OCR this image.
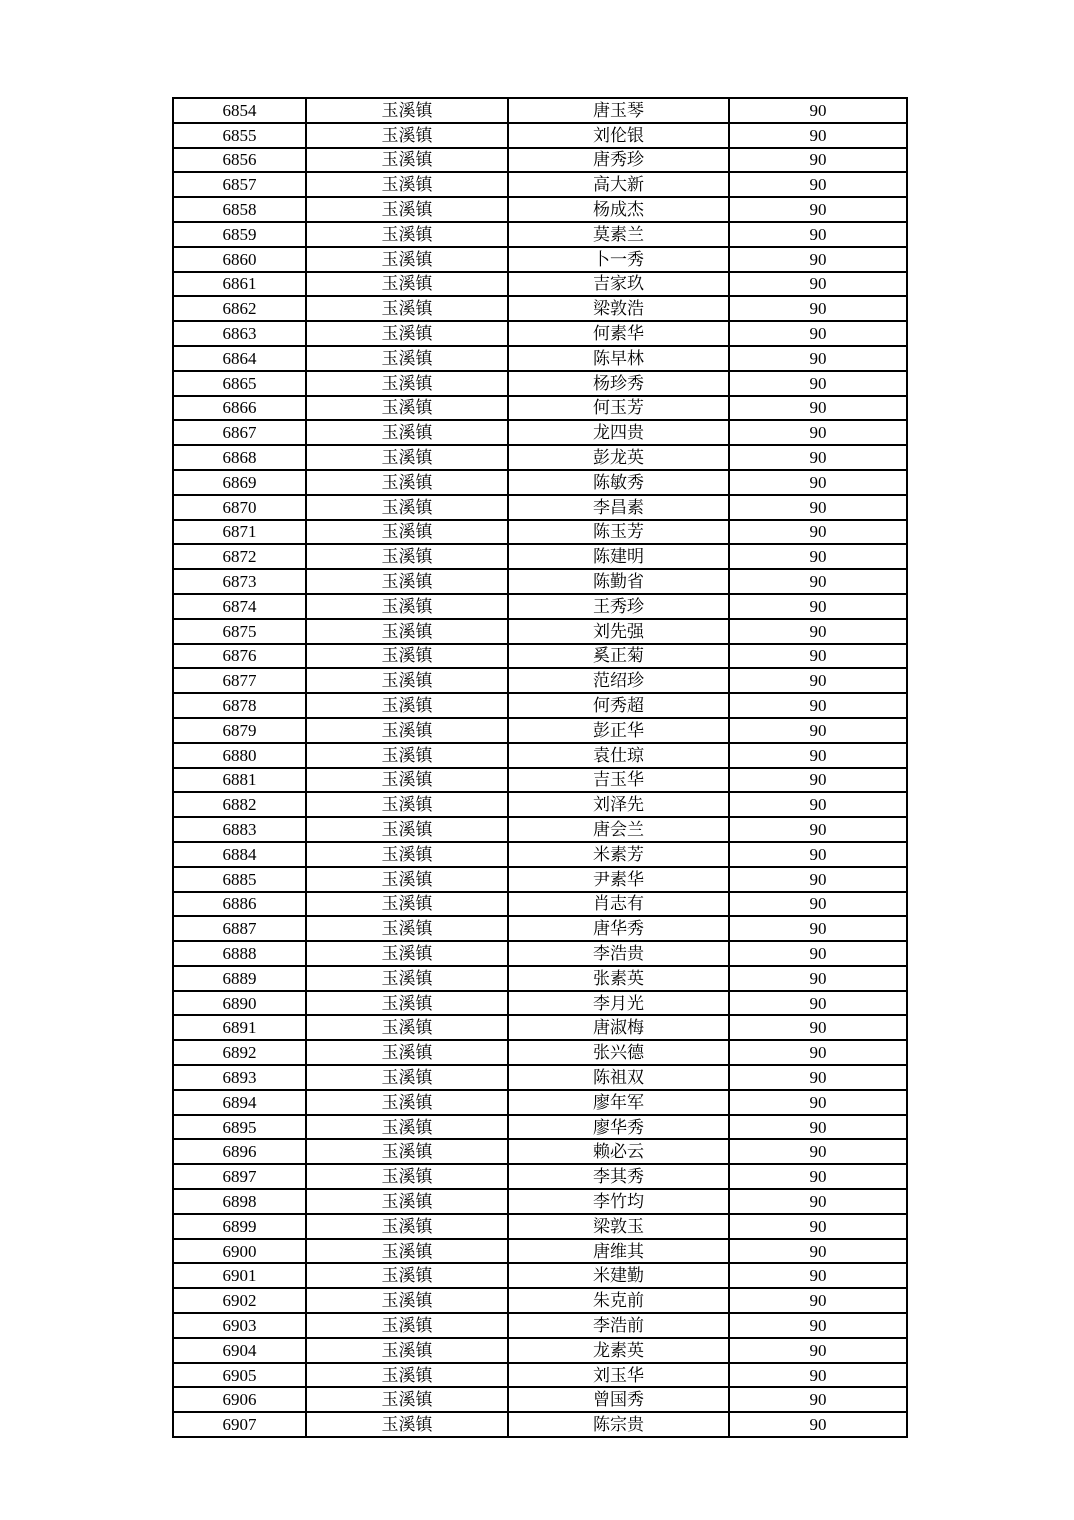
6854	玉溪镇	唐玉琴	90
6855	玉溪镇	刘伦银	90
6856	玉溪镇	唐秀珍	90
6857	玉溪镇	高大新	90
6858	玉溪镇	杨成杰	90
6859	玉溪镇	莫素兰	90
6860	玉溪镇	卜一秀	90
6861	玉溪镇	吉家玖	90
6862	玉溪镇	梁敦浩	90
6863	玉溪镇	何素华	90
6864	玉溪镇	陈早林	90
6865	玉溪镇	杨珍秀	90
6866	玉溪镇	何玉芳	90
6867	玉溪镇	龙四贵	90
6868	玉溪镇	彭龙英	90
6869	玉溪镇	陈敏秀	90
6870	玉溪镇	李昌素	90
6871	玉溪镇	陈玉芳	90
6872	玉溪镇	陈建明	90
6873	玉溪镇	陈勤省	90
6874	玉溪镇	王秀珍	90
6875	玉溪镇	刘先强	90
6876	玉溪镇	奚正菊	90
6877	玉溪镇	范绍珍	90
6878	玉溪镇	何秀超	90
6879	玉溪镇	彭正华	90
6880	玉溪镇	袁仕琼	90
6881	玉溪镇	吉玉华	90
6882	玉溪镇	刘泽先	90
6883	玉溪镇	唐会兰	90
6884	玉溪镇	米素芳	90
6885	玉溪镇	尹素华	90
6886	玉溪镇	肖志有	90
6887	玉溪镇	唐华秀	90
6888	玉溪镇	李浩贵	90
6889	玉溪镇	张素英	90
6890	玉溪镇	李月光	90
6891	玉溪镇	唐淑梅	90
6892	玉溪镇	张兴德	90
6893	玉溪镇	陈祖双	90
6894	玉溪镇	廖年军	90
6895	玉溪镇	廖华秀	90
6896	玉溪镇	赖必云	90
6897	玉溪镇	李其秀	90
6898	玉溪镇	李竹均	90
6899	玉溪镇	梁敦玉	90
6900	玉溪镇	唐维其	90
6901	玉溪镇	米建勤	90
6902	玉溪镇	朱克前	90
6903	玉溪镇	李浩前	90
6904	玉溪镇	龙素英	90
6905	玉溪镇	刘玉华	90
6906	玉溪镇	曾国秀	90
6907	玉溪镇	陈宗贵	90
